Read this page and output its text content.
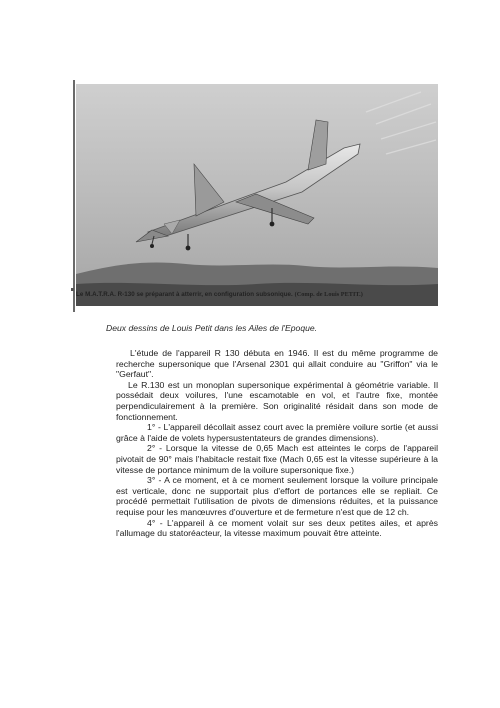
Le M.A.T.R.A. R-130 se préparant à atterrir, en configuration subsonique. (Comp. de Louis PETIT.)
Deux dessins de Louis Petit dans les Ailes de l'Epoque.

L'étude de l'appareil R 130 débuta en 1946. Il est du même programme de recherche supersonique que l'Arsenal 2301 qui allait conduire au "Griffon" via le "Gerfaut".

Le R.130 est un monoplan supersonique expérimental à géométrie variable. Il possédait deux voilures, l'une escamotable en vol, et l'autre fixe, montée perpendiculairement à la première. Son originalité résidait dans son mode de fonctionnement.

1° - L'appareil décollait assez court avec la première voilure sortie (et aussi grâce à l'aide de volets hypersustentateurs de grandes dimensions).

2° - Lorsque la vitesse de 0,65 Mach est atteintes le corps de l'appareil pivotait de 90° mais l'habitacle restait fixe (Mach 0,65 est la vitesse supérieure à la vitesse de portance minimum de la voilure supersonique fixe.)

3° - A ce moment, et à ce moment seulement lorsque la voilure principale est verticale, donc ne supportait plus d'effort de portances elle se repliait. Ce procédé permettait l'utilisation de pivots de dimensions réduites, et la puissance requise pour les manœuvres d'ouverture et de fermeture n'est que de 12 ch.

4° - L'appareil à ce moment volait sur ses deux petites ailes, et après l'allumage du statoréacteur, la vitesse maximum pouvait être atteinte.
